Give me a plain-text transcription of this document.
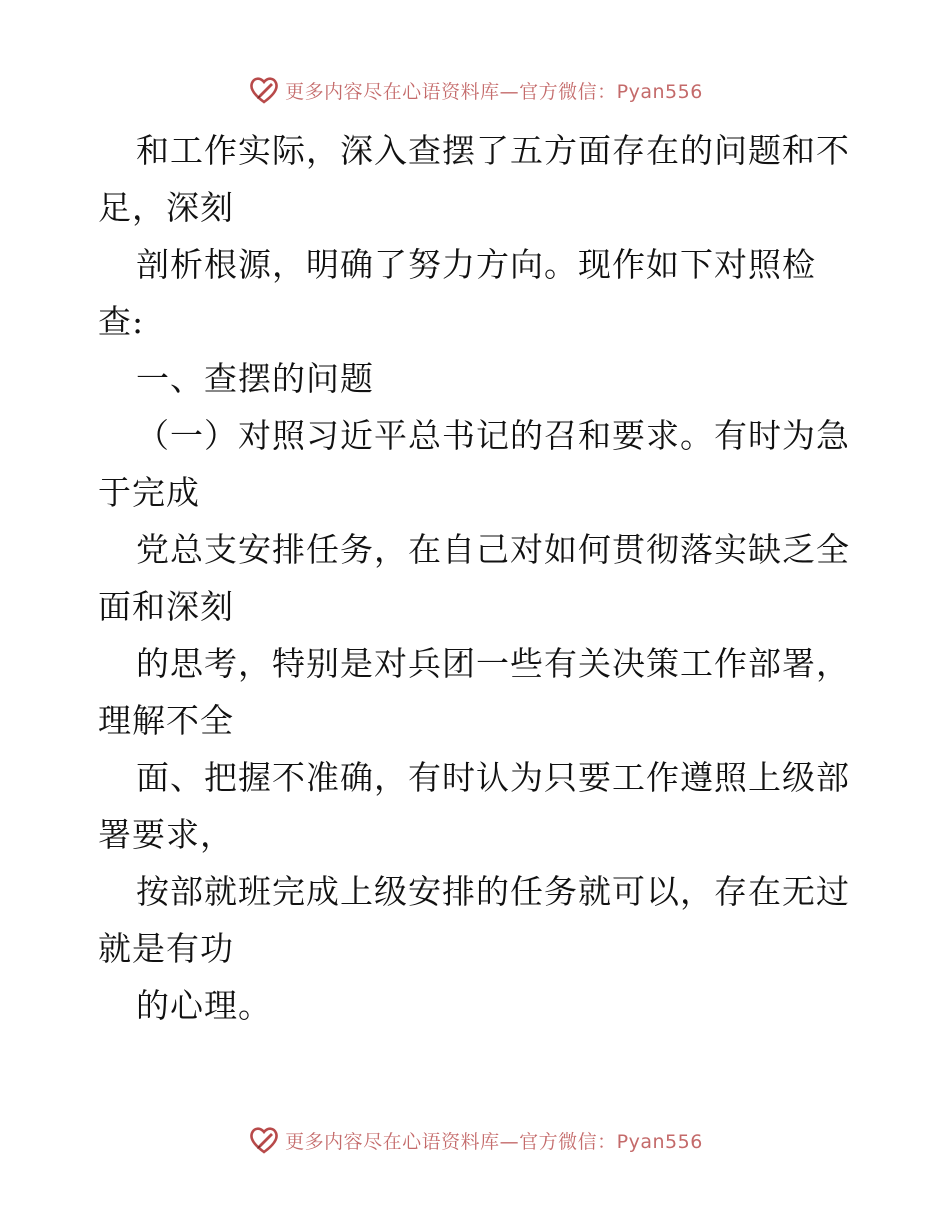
更多内容尽在心语资料库—官方微信：Pyan556
和工作实际，深入查摆了五方面存在的问题和不
足，深刻
剖析根源，明确了努力方向。现作如下对照检
查:
一、查摆的问题
（一）对照习近平总书记的召和要求。有时为急
于完成
党总支安排任务，在自己对如何贯彻落实缺乏全
面和深刻
的思考，特别是对兵团一些有关决策工作部署，
理解不全
面、把握不准确，有时认为只要工作遵照上级部
署要求，
按部就班完成上级安排的任务就可以，存在无过
就是有功
的心理。
更多内容尽在心语资料库—官方微信：Pyan556
